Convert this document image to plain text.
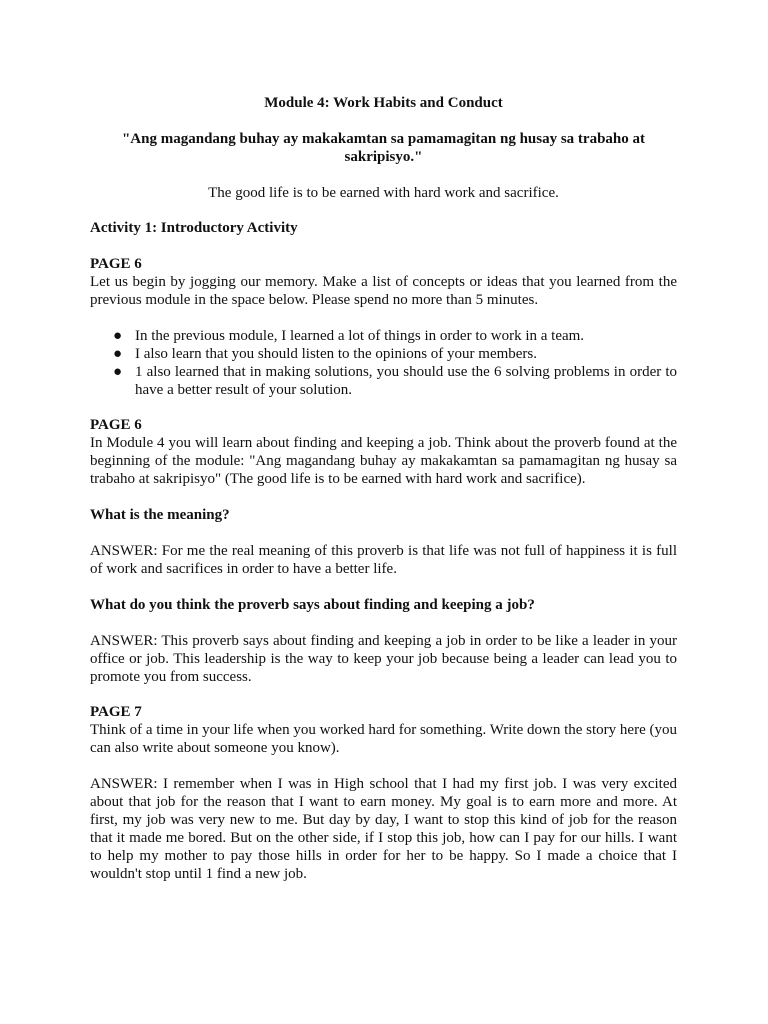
Module 4: Work Habits and Conduct

"Ang magandang buhay ay makakamtan sa pamamagitan ng husay sa trabaho at sakripisyo."

The good life is to be earned with hard work and sacrifice.

Activity 1: Introductory Activity

PAGE 6

Let us begin by jogging our memory. Make a list of concepts or ideas that you learned from the previous module in the space below. Please spend no more than 5 minutes.

● In the previous module, I learned a lot of things in order to work in a team.
● I also learn that you should listen to the opinions of your members.
● 1 also learned that in making solutions, you should use the 6 solving problems in order to have a better result of your solution.

PAGE 6

In Module 4 you will learn about finding and keeping a job. Think about the proverb found at the beginning of the module: "Ang magandang buhay ay makakamtan sa pamamagitan ng husay sa trabaho at sakripisyo" (The good life is to be earned with hard work and sacrifice).

What is the meaning?

ANSWER: For me the real meaning of this proverb is that life was not full of happiness it is full of work and sacrifices in order to have a better life.

What do you think the proverb says about finding and keeping a job?

ANSWER: This proverb says about finding and keeping a job in order to be like a leader in your office or job. This leadership is the way to keep your job because being a leader can lead you to promote you from success.

PAGE 7

Think of a time in your life when you worked hard for something. Write down the story here (you can also write about someone you know).

ANSWER: I remember when I was in High school that I had my first job. I was very excited about that job for the reason that I want to earn money. My goal is to earn more and more. At first, my job was very new to me. But day by day, I want to stop this kind of job for the reason that it made me bored. But on the other side, if I stop this job, how can I pay for our hills. I want to help my mother to pay those hills in order for her to be happy. So I made a choice that I wouldn't stop until 1 find a new job.
